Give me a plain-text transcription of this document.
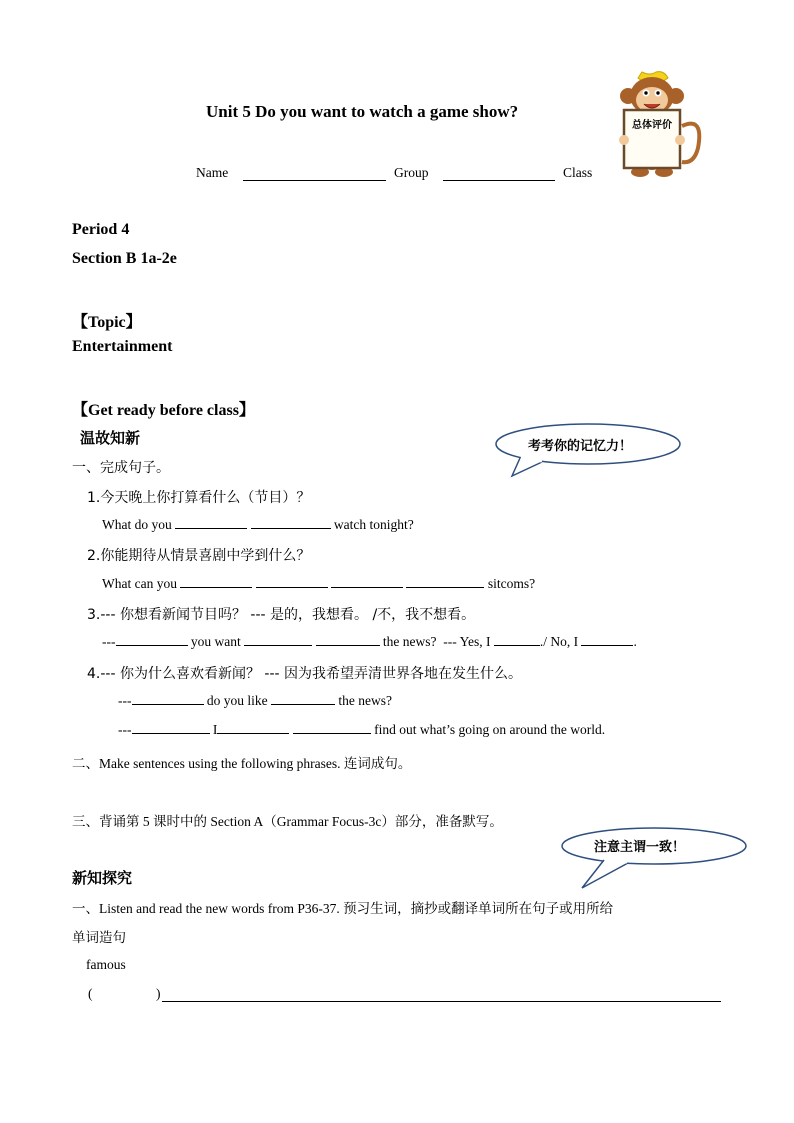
Unit 5 Do you want to watch a game show?
Name	Group	Class
总体评价
Period 4
Section B 1a-2e
【Topic】
Entertainment
【Get ready before class】
温故知新	考考你的记忆力！
一、完成句子。
1.今天晚上你打算看什么（节目）？
What do you	watch tonight?
2.你能期待从情景喜剧中学到什么？
What can you	sitcoms?
3.--- 你想看新闻节目吗？ --- 是的，我想看。 /不，我不想看。
---	you want	the news? --- Yes, I	./ No, I	.
4.--- 你为什么喜欢看新闻？ --- 因为我希望弄清世界各地在发生什么。
---	do you like	the news?
---	I	find out what’s going on around the world.
二、Make sentences using the following phrases. 连词成句。
三、背诵第 5 课时中的 Section A（Grammar Focus-3c）部分，准备默写。
注意主谓一致！
新知探究
一、Listen and read the new words from P36-37. 预习生词，摘抄或翻译单词所在句子或用所给
单词造句
famous
(	)
